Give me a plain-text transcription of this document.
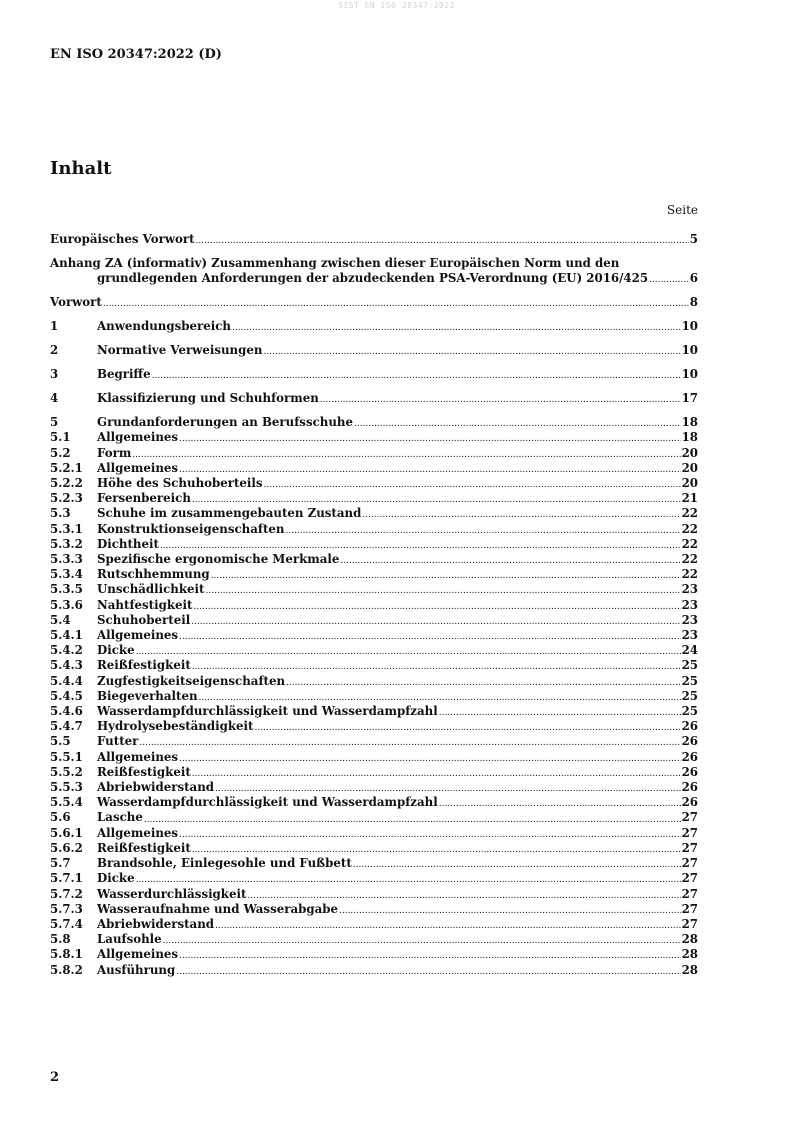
SIST EN ISO 20347:2022
EN ISO 20347:2022 (D)
Inhalt
Seite
Europäisches Vorwort .....	5
Anhang ZA (informativ) Zusammenhang zwischen dieser Europäischen Norm und den
grundlegenden Anforderungen der abzudeckenden PSA-Verordnung (EU) 2016/425 .....	6
Vorwort .....	8
1	Anwendungsbereich .....	10
2	Normative Verweisungen .....	10
3	Begriffe .....	10
4	Klassifizierung und Schuhformen .....	17
5	Grundanforderungen an Berufsschuhe .....	18
5.1	Allgemeines .....	18
5.2	Form .....	20
5.2.1	Allgemeines .....	20
5.2.2	Höhe des Schuhoberteils .....	20
5.2.3	Fersenbereich .....	21
5.3	Schuhe im zusammengebauten Zustand .....	22
5.3.1	Konstruktionseigenschaften .....	22
5.3.2	Dichtheit .....	22
5.3.3	Spezifische ergonomische Merkmale .....	22
5.3.4	Rutschhemmung .....	22
5.3.5	Unschädlichkeit .....	23
5.3.6	Nahtfestigkeit .....	23
5.4	Schuhoberteil .....	23
5.4.1	Allgemeines .....	23
5.4.2	Dicke .....	24
5.4.3	Reißfestigkeit .....	25
5.4.4	Zugfestigkeitseigenschaften .....	25
5.4.5	Biegeverhalten .....	25
5.4.6	Wasserdampfdurchlässigkeit und Wasserdampfzahl .....	25
5.4.7	Hydrolysebeständigkeit .....	26
5.5	Futter .....	26
5.5.1	Allgemeines .....	26
5.5.2	Reißfestigkeit .....	26
5.5.3	Abriebwiderstand .....	26
5.5.4	Wasserdampfdurchlässigkeit und Wasserdampfzahl .....	26
5.6	Lasche .....	27
5.6.1	Allgemeines .....	27
5.6.2	Reißfestigkeit .....	27
5.7	Brandsohle, Einlegesohle und Fußbett .....	27
5.7.1	Dicke .....	27
5.7.2	Wasserdurchlässigkeit .....	27
5.7.3	Wasseraufnahme und Wasserabgabe .....	27
5.7.4	Abriebwiderstand .....	27
5.8	Laufsohle .....	28
5.8.1	Allgemeines .....	28
5.8.2	Ausführung .....	28
2
